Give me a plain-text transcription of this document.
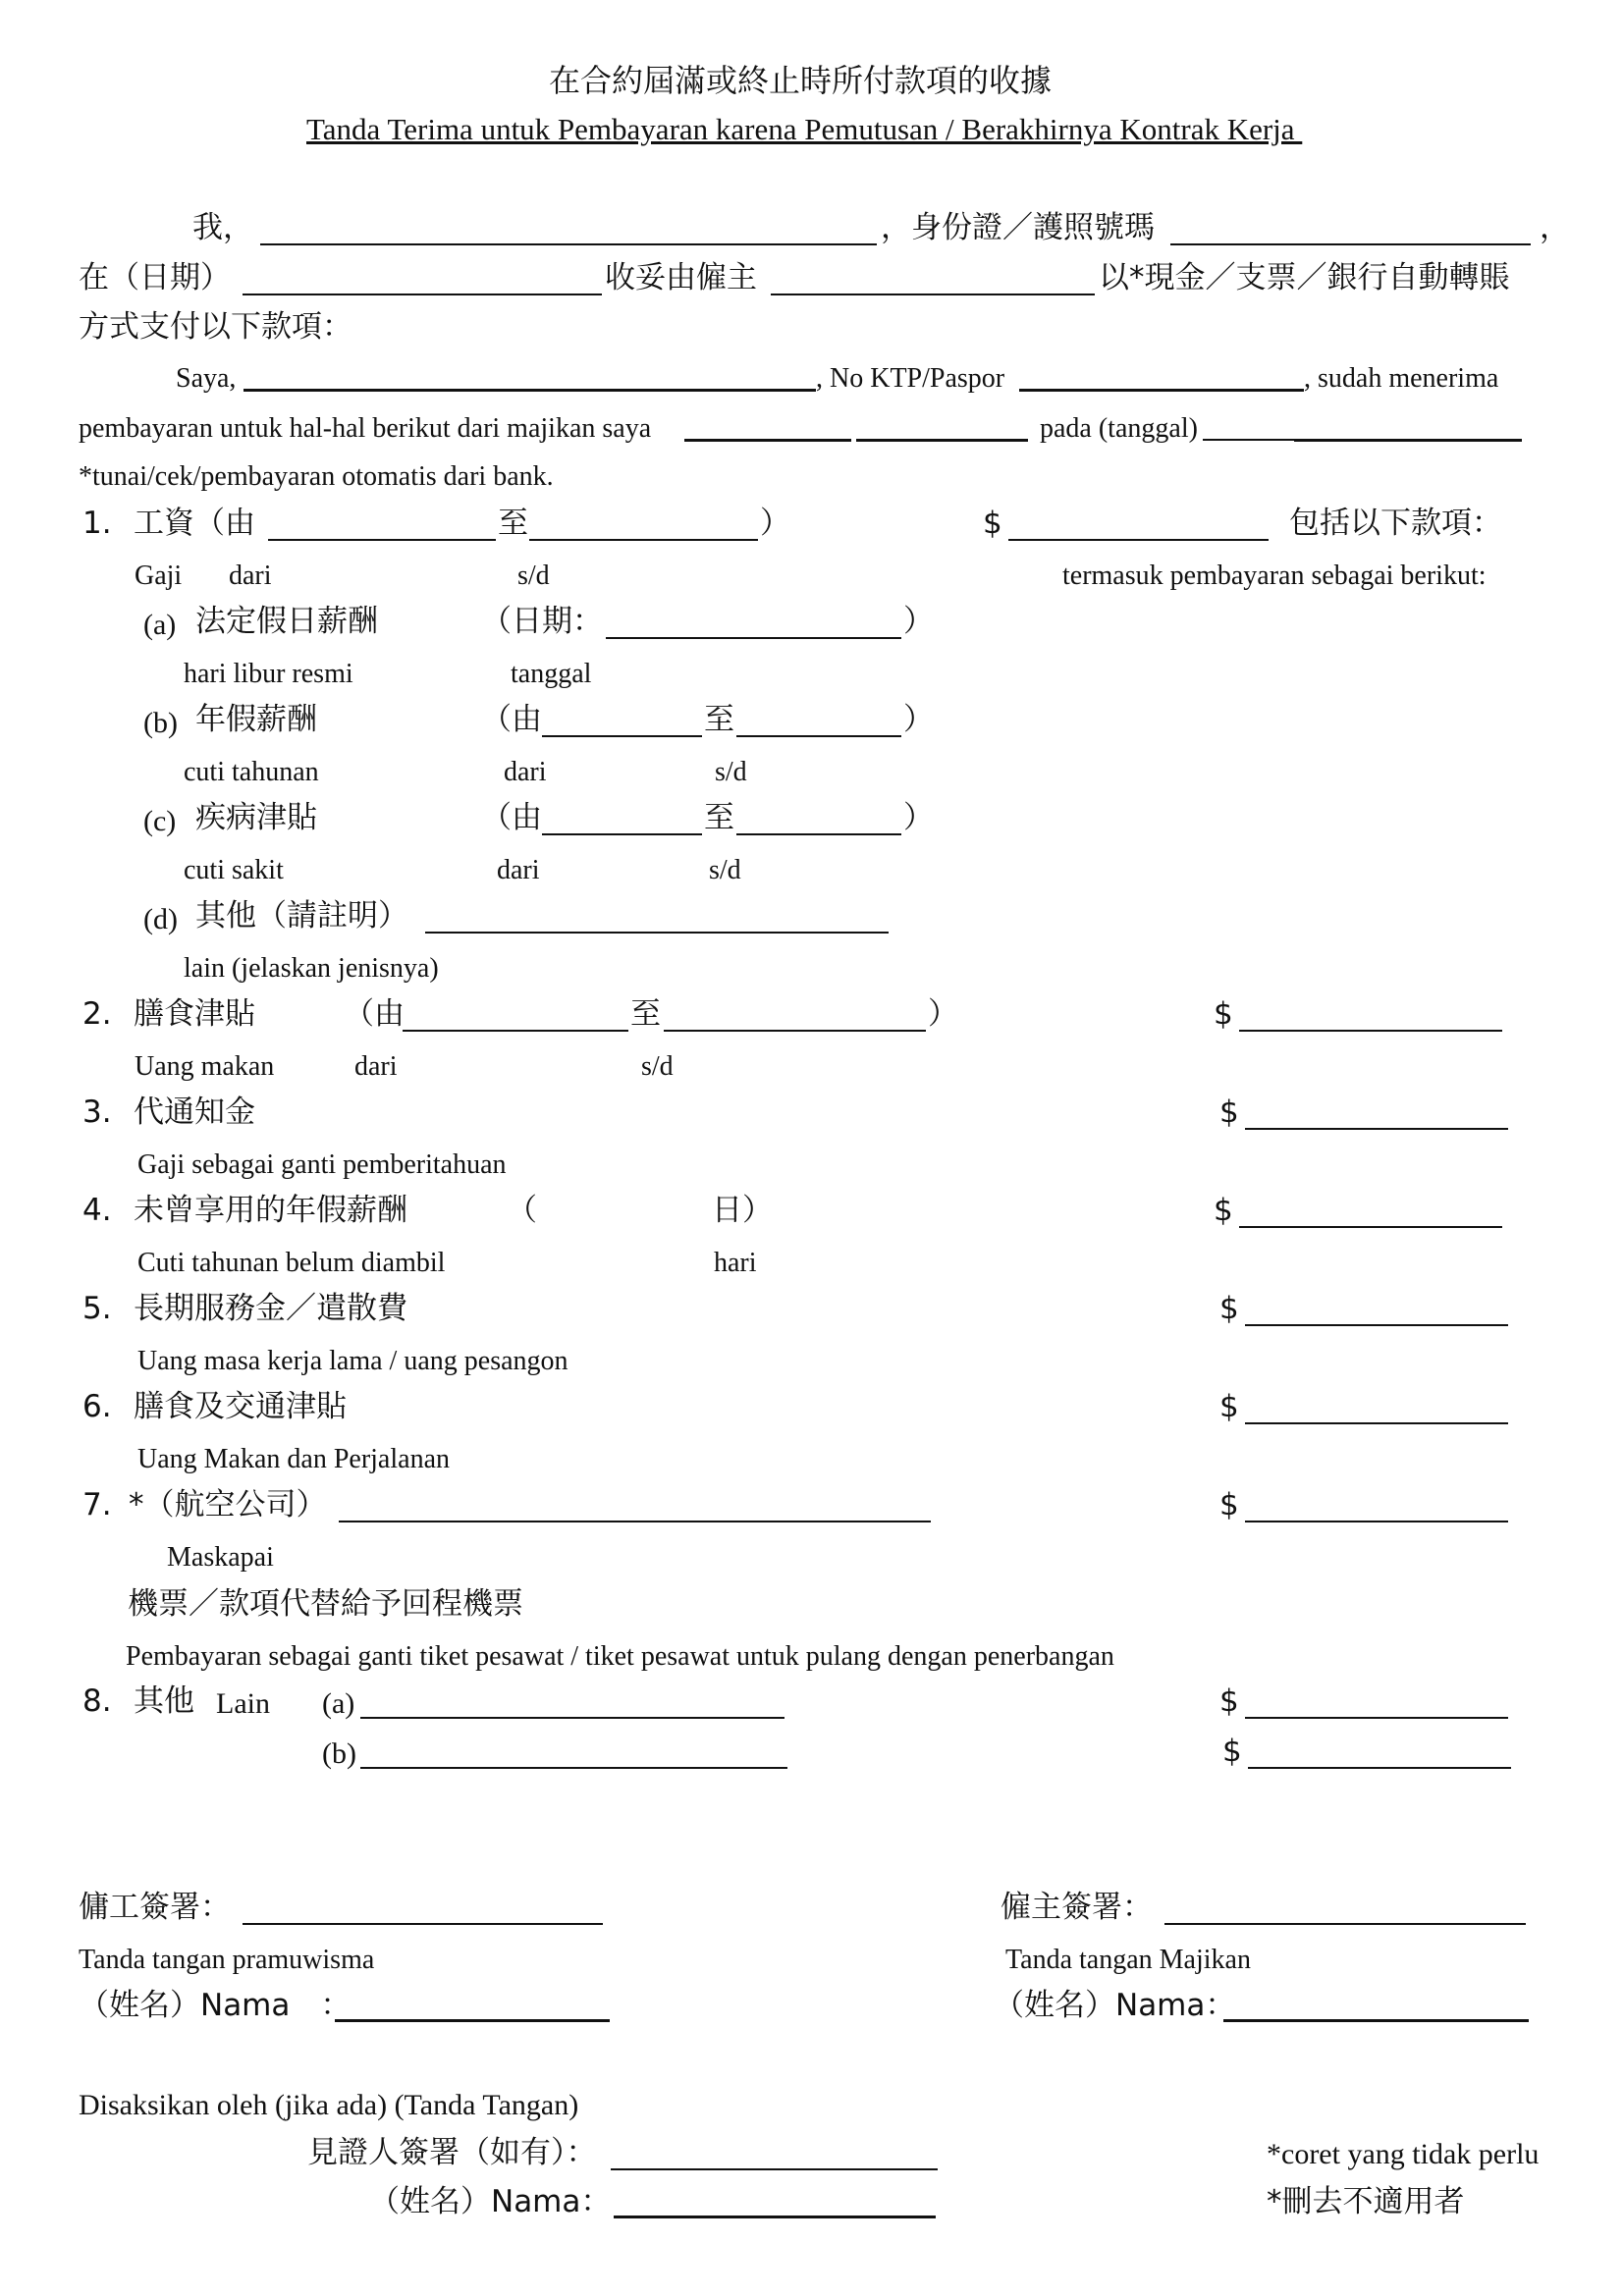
在合約屆滿或終止時所付款項的收據
Tanda Terima untuk Pembayaran karena Pemutusan / Berakhirnya Kontrak Kerja
我，	，身份證／護照號瑪	，
在（日期）	收妥由僱主	以*現金／支票／銀行自動轉賬
方式支付以下款項：
Saya,	, No KTP/Paspor	, sudah menerima
pembayaran untuk hal-hal berikut dari majikan saya	pada (tanggal)
*tunai/cek/pembayaran otomatis dari bank.
1. 工資（由	至	）	$	包括以下款項：
Gaji dari	s/d	termasuk pembayaran sebagai berikut:
(a) 法定假日薪酬	（日期：	）
hari libur resmi	tanggal
(b) 年假薪酬	（由	至	）
cuti tahunan	dari	s/d
(c) 疾病津貼	（由	至	）
cuti sakit	dari	s/d
(d) 其他（請註明）
lain (jelaskan jenisnya)
2. 膳食津貼	（由	至	）	$
Uang makan	dari	s/d
3. 代通知金	$
Gaji sebagai ganti pemberitahuan
4. 未曾享用的年假薪酬	（	日）	$
Cuti tahunan belum diambil	hari
5. 長期服務金／遣散費	$
Uang masa kerja lama / uang pesangon
6. 膳食及交通津貼	$
Uang Makan dan Perjalanan
7. *（航空公司）	$
Maskapai
機票／款項代替給予回程機票
Pembayaran sebagai ganti tiket pesawat / tiket pesawat untuk pulang dengan penerbangan
8. 其他 Lain (a)	$
(b)	$
傭工簽署：
Tanda tangan pramuwisma
（姓名）Nama　：
僱主簽署：
Tanda tangan Majikan
（姓名）Nama：
Disaksikan oleh (jika ada) (Tanda Tangan)
見證人簽署（如有）：
（姓名）Nama：
*coret yang tidak perlu
*刪去不適用者
